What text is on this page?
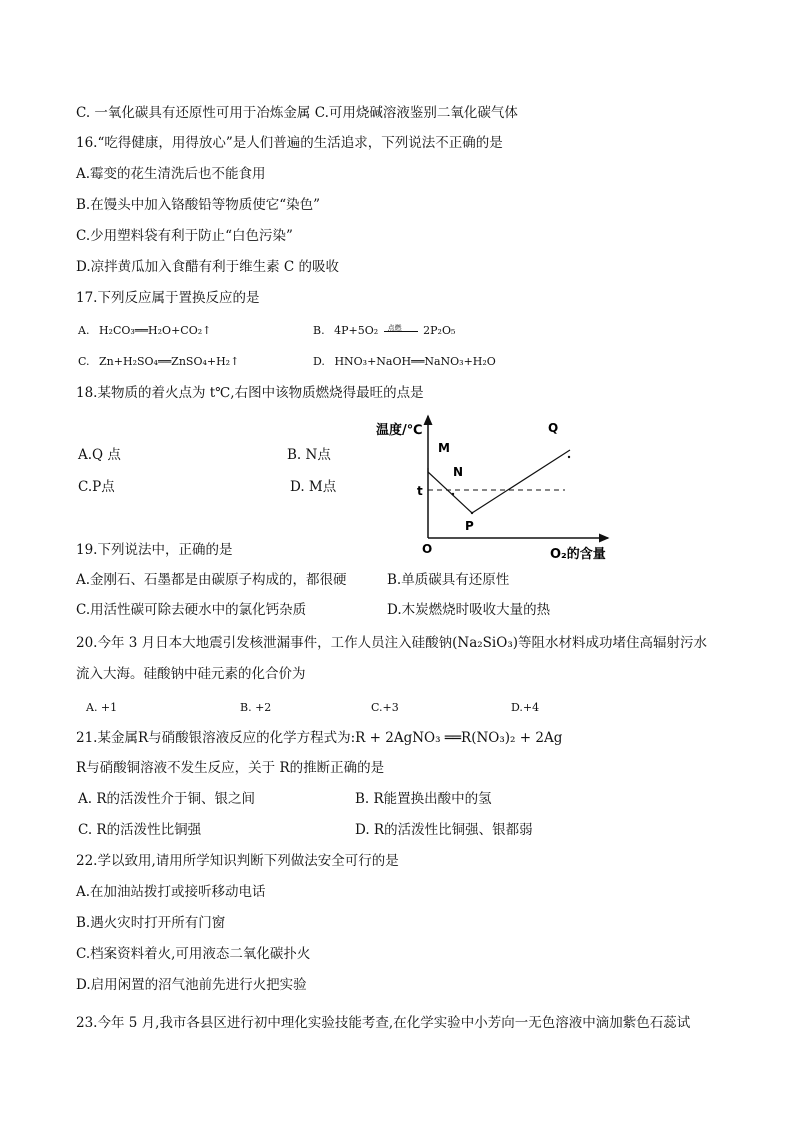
C. 一氧化碳具有还原性可用于冶炼金属 C.可用烧碱溶液鉴别二氧化碳气体
16.“吃得健康，用得放心”是人们普遍的生活追求，下列说法不正确的是
A.霉变的花生清洗后也不能食用
B.在馒头中加入铬酸铅等物质使它“染色”
C.少用塑料袋有利于防止“白色污染”
D.凉拌黄瓜加入食醋有利于维生素 C 的吸收
17.下列反应属于置换反应的是
A. H₂CO₃══H₂O+CO₂↑	B. 4P+5O₂ 点燃 2P₂O₅
C. Zn+H₂SO₄══ZnSO₄+H₂↑	D. HNO₃+NaOH══NaNO₃+H₂O
18.某物质的着火点为 t℃,右图中该物质燃烧得最旺的点是
A.Q 点	B. N点
C.P点	D. M点
温度/℃
O₂的含量
O
t
M
N
P
Q
19.下列说法中，正确的是
A.金刚石、石墨都是由碳原子构成的，都很硬	B.单质碳具有还原性
C.用活性碳可除去硬水中的氯化钙杂质	D.木炭燃烧时吸收大量的热
20.今年 3 月日本大地震引发核泄漏事件，工作人员注入硅酸钠(Na₂SiO₃)等阻水材料成功堵住高辐射污水
流入大海。硅酸钠中硅元素的化合价为
A. +1	B. +2	C.+3	D.+4
21.某金属R与硝酸银溶液反应的化学方程式为:R + 2AgNO₃ ══R(NO₃)₂ + 2Ag
R与硝酸铜溶液不发生反应，关于 R的推断正确的是
A. R的活泼性介于铜、银之间	B. R能置换出酸中的氢
C. R的活泼性比铜强	D. R的活泼性比铜强、银都弱
22.学以致用,请用所学知识判断下列做法安全可行的是
A.在加油站拨打或接听移动电话
B.遇火灾时打开所有门窗
C.档案资料着火,可用液态二氧化碳扑火
D.启用闲置的沼气池前先进行火把实验
23.今年 5 月,我市各县区进行初中理化实验技能考查,在化学实验中小芳向一无色溶液中滴加紫色石蕊试
